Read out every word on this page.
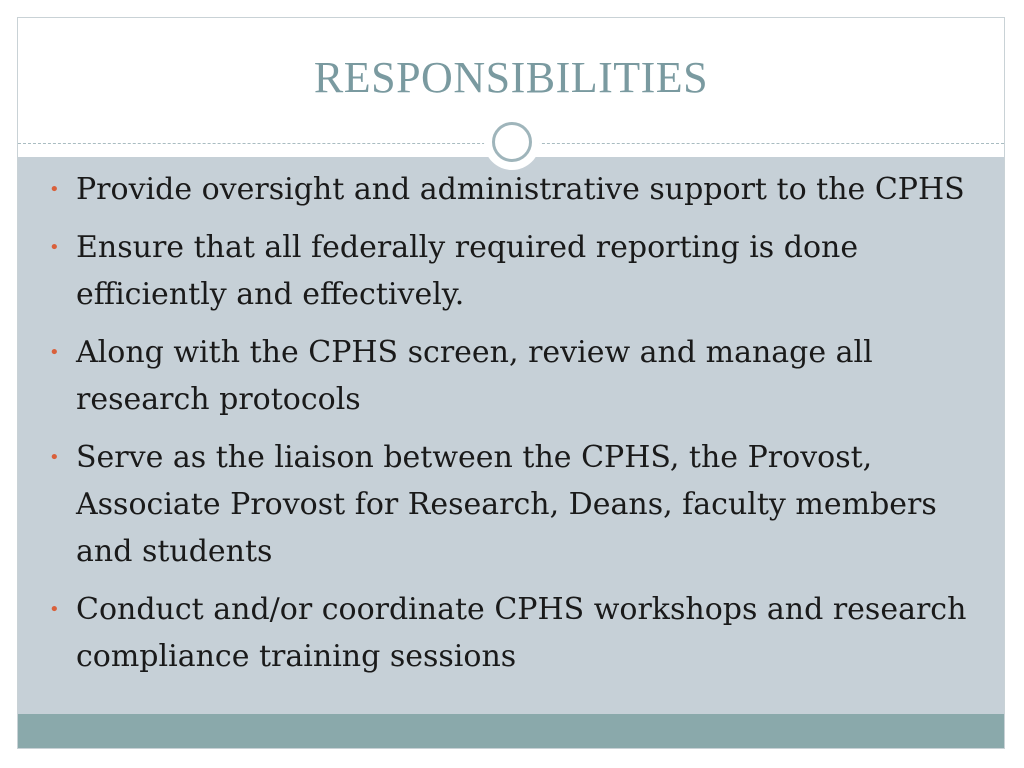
RESPONSIBILITIES
• Provide oversight and administrative support to the CPHS
• Ensure that all federally required reporting is done efficiently and effectively.
• Along with the CPHS screen, review and manage all research protocols
• Serve as the liaison between the CPHS, the Provost, Associate Provost for Research, Deans, faculty members and students
• Conduct and/or coordinate CPHS workshops and research compliance training sessions
